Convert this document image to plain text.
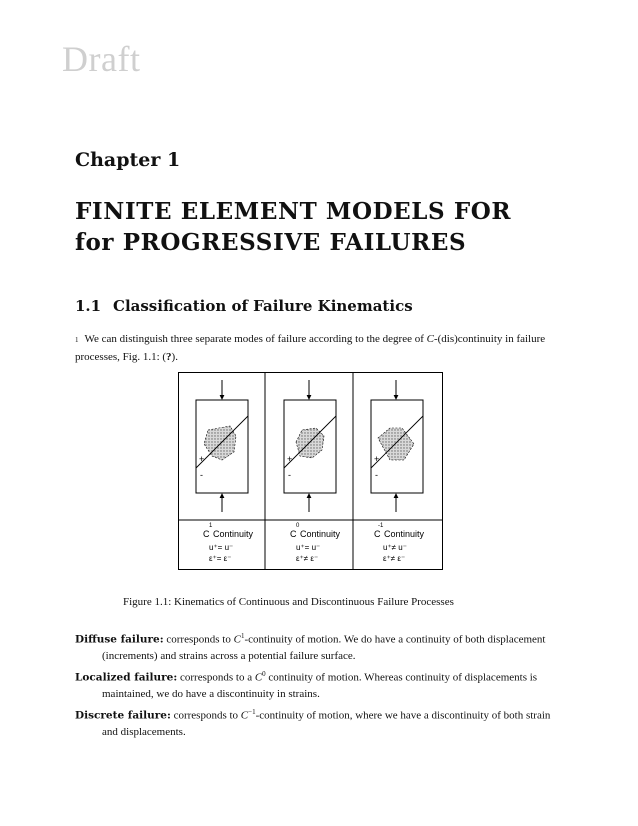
Draft
Chapter 1
FINITE ELEMENT MODELS FOR
for PROGRESSIVE FAILURES
1.1 Classification of Failure Kinematics
1 We can distinguish three separate modes of failure according to the degree of C-(dis)continuity in failure processes, Fig. 1.1: (?).
+
-
+
-
+
-
C
1
Continuity
u⁺= u⁻
ε⁺= ε⁻
C
0
Continuity
u⁺= u⁻
ε⁺≠ ε⁻
C
-1
Continuity
u⁺≠ u⁻
ε⁺≠ ε⁻
Figure 1.1: Kinematics of Continuous and Discontinuous Failure Processes
Diffuse failure: corresponds to $C^1$-continuity of motion. We do have a continuity of both displacement (increments) and strains across a potential failure surface.
Localized failure: corresponds to a $C^0$ continuity of motion. Whereas continuity of displacements is maintained, we do have a discontinuity in strains.
Discrete failure: corresponds to $C^{-1}$-continuity of motion, where we have a discontinuity of both strain and displacements.
